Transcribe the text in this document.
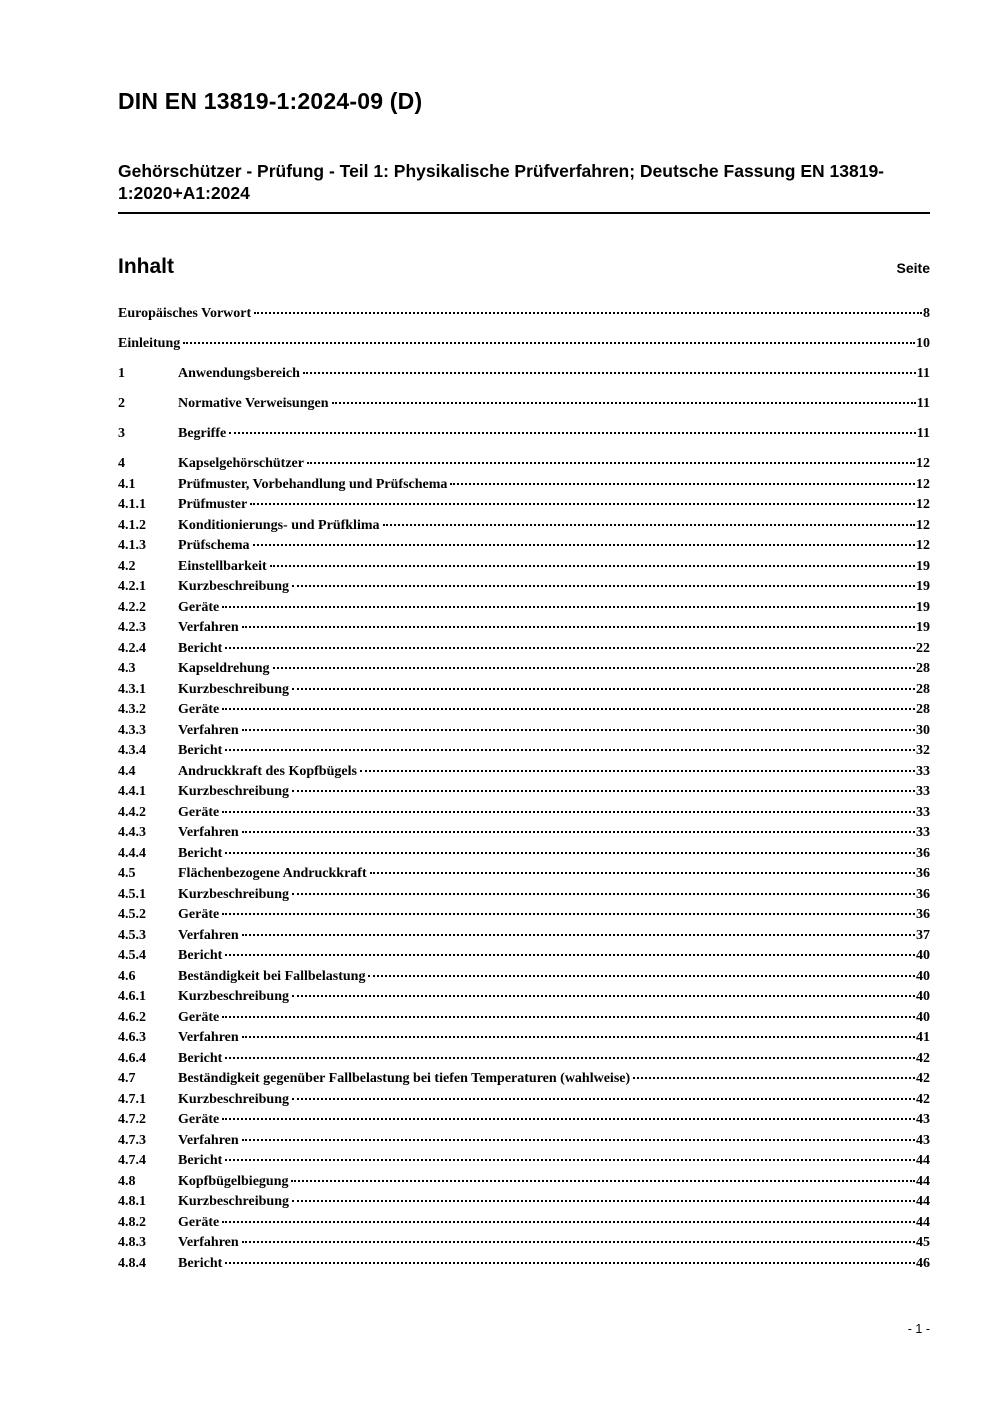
DIN EN 13819-1:2024-09 (D)
Gehörschützer - Prüfung - Teil 1: Physikalische Prüfverfahren; Deutsche Fassung EN 13819-1:2020+A1:2024
Inhalt	Seite
Europäisches Vorwort	8
Einleitung	10
1	Anwendungsbereich	11
2	Normative Verweisungen	11
3	Begriffe	11
4	Kapselgehörschützer	12
4.1	Prüfmuster, Vorbehandlung und Prüfschema	12
4.1.1	Prüfmuster	12
4.1.2	Konditionierungs- und Prüfklima	12
4.1.3	Prüfschema	12
4.2	Einstellbarkeit	19
4.2.1	Kurzbeschreibung	19
4.2.2	Geräte	19
4.2.3	Verfahren	19
4.2.4	Bericht	22
4.3	Kapseldrehung	28
4.3.1	Kurzbeschreibung	28
4.3.2	Geräte	28
4.3.3	Verfahren	30
4.3.4	Bericht	32
4.4	Andruckkraft des Kopfbügels	33
4.4.1	Kurzbeschreibung	33
4.4.2	Geräte	33
4.4.3	Verfahren	33
4.4.4	Bericht	36
4.5	Flächenbezogene Andruckkraft	36
4.5.1	Kurzbeschreibung	36
4.5.2	Geräte	36
4.5.3	Verfahren	37
4.5.4	Bericht	40
4.6	Beständigkeit bei Fallbelastung	40
4.6.1	Kurzbeschreibung	40
4.6.2	Geräte	40
4.6.3	Verfahren	41
4.6.4	Bericht	42
4.7	Beständigkeit gegenüber Fallbelastung bei tiefen Temperaturen (wahlweise)	42
4.7.1	Kurzbeschreibung	42
4.7.2	Geräte	43
4.7.3	Verfahren	43
4.7.4	Bericht	44
4.8	Kopfbügelbiegung	44
4.8.1	Kurzbeschreibung	44
4.8.2	Geräte	44
4.8.3	Verfahren	45
4.8.4	Bericht	46
- 1 -
